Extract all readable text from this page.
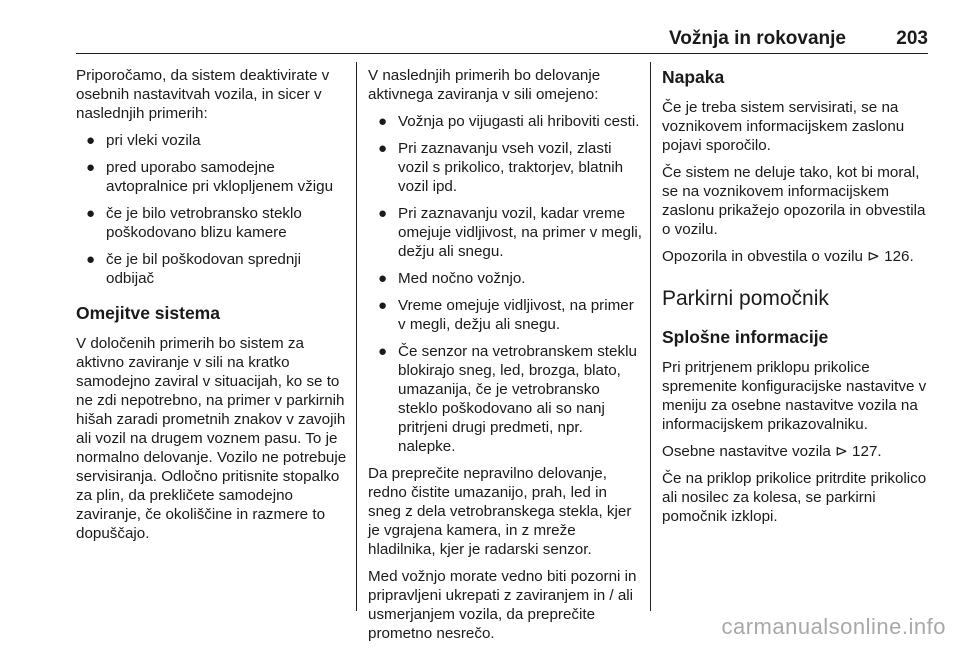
Vožnja in rokovanje	203

Priporočamo, da sistem deaktivirate v osebnih nastavitvah vozila, in sicer v naslednjih primerih:

● pri vleki vozila
● pred uporabo samodejne avtopralnice pri vklopljenem vžigu
● če je bilo vetrobransko steklo poškodovano blizu kamere
● če je bil poškodovan sprednji odbijač
Omejitve sistema

V določenih primerih bo sistem za aktivno zaviranje v sili na kratko samodejno zaviral v situacijah, ko se to ne zdi nepotrebno, na primer v parkirnih hišah zaradi prometnih znakov v zavojih ali vozil na drugem voznem pasu. To je normalno delovanje. Vozilo ne potrebuje servisiranja. Odločno pritisnite stopalko za plin, da prekličete samodejno zaviranje, če okoliščine in razmere to dopuščajo.

V naslednjih primerih bo delovanje aktivnega zaviranja v sili omejeno:

● Vožnja po vijugasti ali hriboviti cesti.
● Pri zaznavanju vseh vozil, zlasti vozil s prikolico, traktorjev, blatnih vozil ipd.
● Pri zaznavanju vozil, kadar vreme omejuje vidljivost, na primer v megli, dežju ali snegu.
● Med nočno vožnjo.
● Vreme omejuje vidljivost, na primer v megli, dežju ali snegu.
● Če senzor na vetrobranskem steklu blokirajo sneg, led, brozga, blato, umazanija, če je vetrobransko steklo poškodovano ali so nanj pritrjeni drugi predmeti, npr. nalepke.

Da preprečite nepravilno delovanje, redno čistite umazanijo, prah, led in sneg z dela vetrobranskega stekla, kjer je vgrajena kamera, in z mreže hladilnika, kjer je radarski senzor.

Med vožnjo morate vedno biti pozorni in pripravljeni ukrepati z zaviranjem in / ali usmerjanjem vozila, da preprečite prometno nesrečo.

Napaka

Če je treba sistem servisirati, se na voznikovem informacijskem zaslonu pojavi sporočilo.

Če sistem ne deluje tako, kot bi moral, se na voznikovem informacijskem zaslonu prikažejo opozorila in obvestila o vozilu.

Opozorila in obvestila o vozilu ⊳ 126.

Parkirni pomočnik
Splošne informacije

Pri pritrjenem priklopu prikolice spremenite konfiguracijske nastavitve v meniju za osebne nastavitve vozila na informacijskem prikazovalniku.

Osebne nastavitve vozila ⊳ 127.

Če na priklop prikolice pritrdite prikolico ali nosilec za kolesa, se parkirni pomočnik izklopi.

carmanualsonline.info
